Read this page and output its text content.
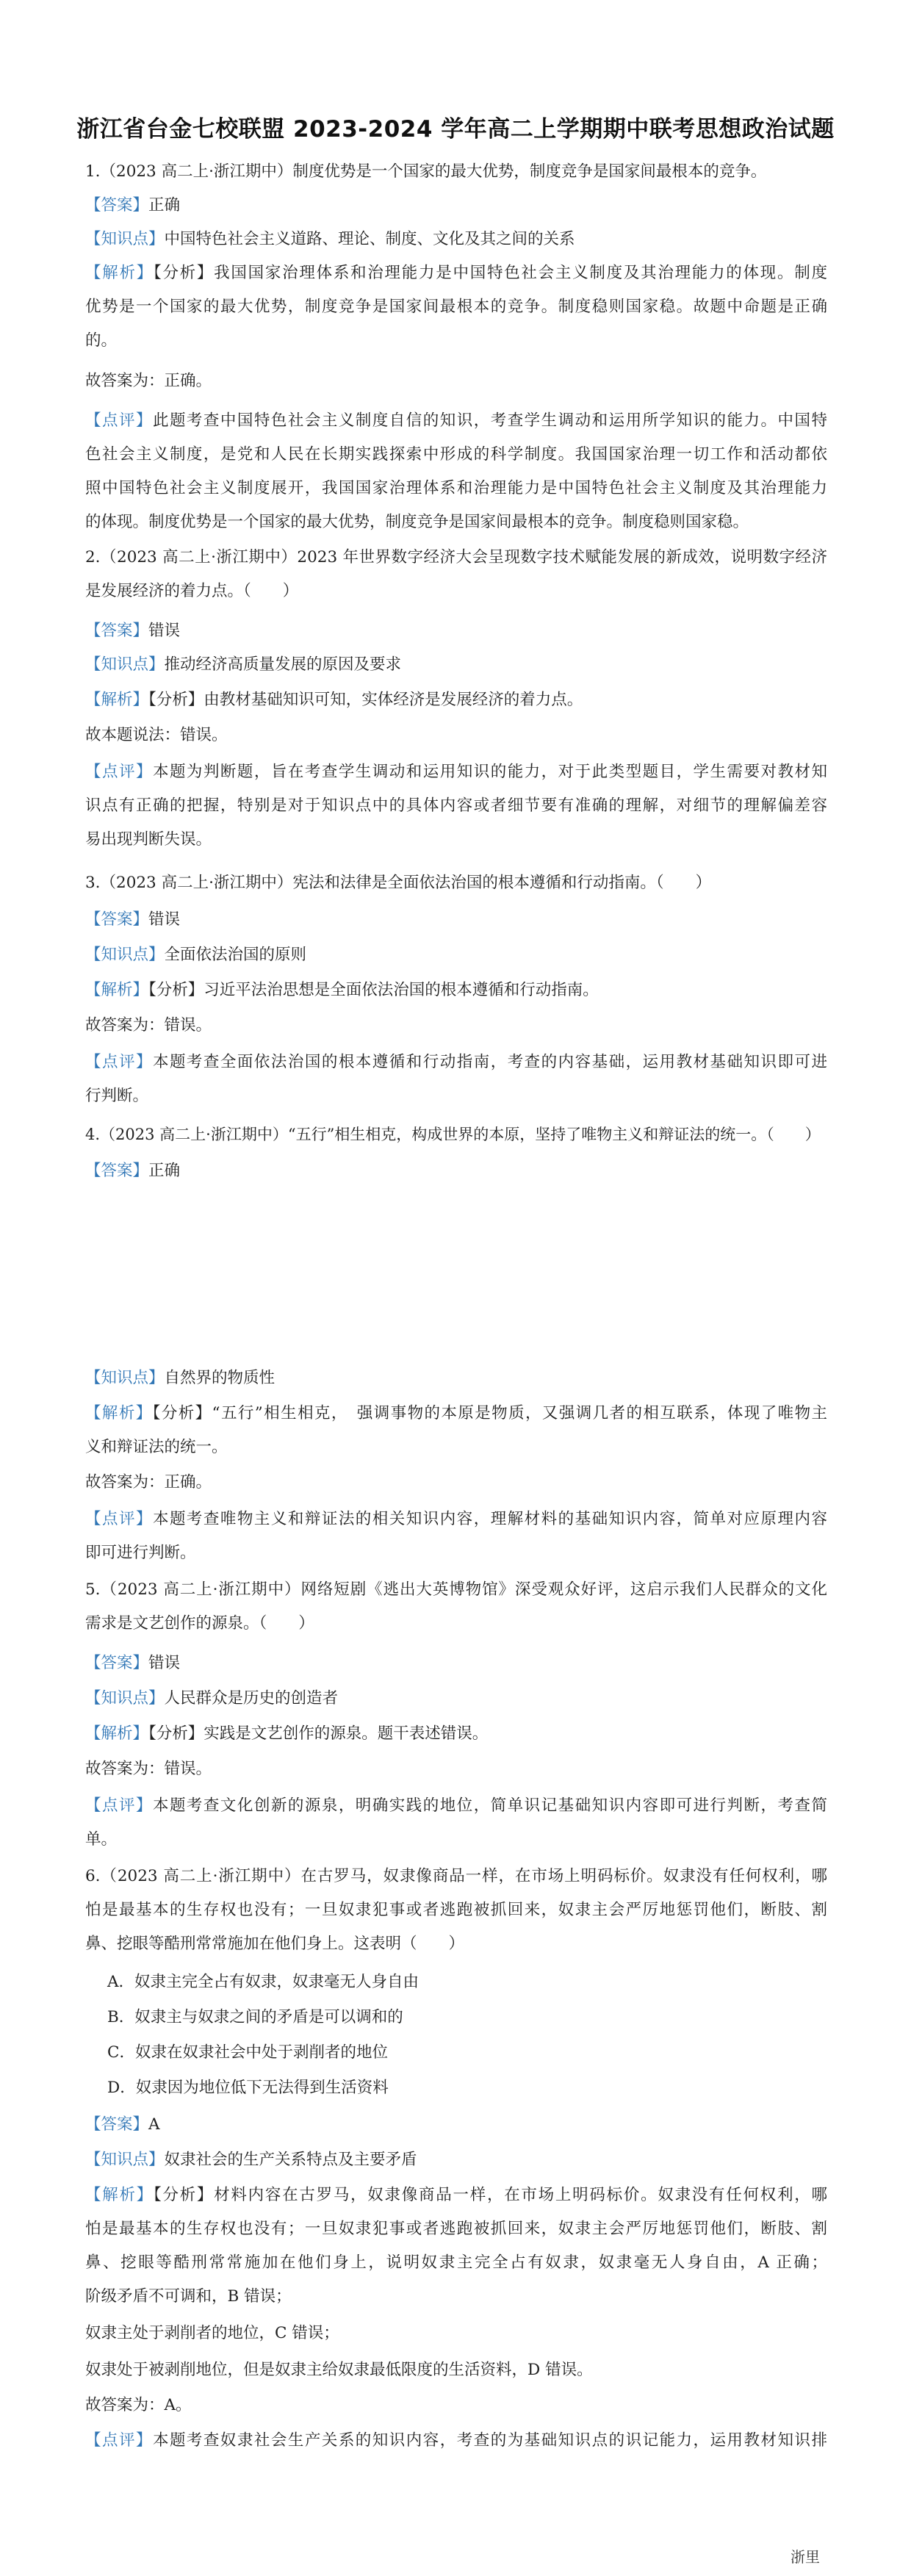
浙江省台金七校联盟 2023-2024 学年高二上学期期中联考思想政治试题
1.（2023 高二上·浙江期中）制度优势是一个国家的最大优势，制度竞争是国家间最根本的竞争。
【答案】正确
【知识点】中国特色社会主义道路、理论、制度、文化及其之间的关系
【解析】【分析】我国国家治理体系和治理能力是中国特色社会主义制度及其治理能力的体现。制度
优势是一个国家的最大优势，制度竞争是国家间最根本的竞争。制度稳则国家稳。故题中命题是正确
的。
故答案为：正确。
【点评】此题考查中国特色社会主义制度自信的知识，考查学生调动和运用所学知识的能力。中国特
色社会主义制度，是党和人民在长期实践探索中形成的科学制度。我国国家治理一切工作和活动都依
照中国特色社会主义制度展开，我国国家治理体系和治理能力是中国特色社会主义制度及其治理能力
的体现。制度优势是一个国家的最大优势，制度竞争是国家间最根本的竞争。制度稳则国家稳。
2.（2023 高二上·浙江期中）2023 年世界数字经济大会呈现数字技术赋能发展的新成效，说明数字经济
是发展经济的着力点。（　　）
【答案】错误
【知识点】推动经济高质量发展的原因及要求
【解析】【分析】由教材基础知识可知，实体经济是发展经济的着力点。
故本题说法：错误。
【点评】本题为判断题，旨在考查学生调动和运用知识的能力，对于此类型题目，学生需要对教材知
识点有正确的把握，特别是对于知识点中的具体内容或者细节要有准确的理解，对细节的理解偏差容
易出现判断失误。
3.（2023 高二上·浙江期中）宪法和法律是全面依法治国的根本遵循和行动指南。（　　）
【答案】错误
【知识点】全面依法治国的原则
【解析】【分析】习近平法治思想是全面依法治国的根本遵循和行动指南。
故答案为：错误。
【点评】本题考查全面依法治国的根本遵循和行动指南，考查的内容基础，运用教材基础知识即可进
行判断。
4.（2023 高二上·浙江期中）“五行”相生相克，构成世界的本原，坚持了唯物主义和辩证法的统一。（　　）
【答案】正确
【知识点】自然界的物质性
【解析】【分析】“五行”相生相克，　强调事物的本原是物质，又强调几者的相互联系，体现了唯物主
义和辩证法的统一。
故答案为：正确。
【点评】本题考查唯物主义和辩证法的相关知识内容，理解材料的基础知识内容，简单对应原理内容
即可进行判断。
5.（2023 高二上·浙江期中）网络短剧《逃出大英博物馆》深受观众好评，这启示我们人民群众的文化
需求是文艺创作的源泉。（　　）
【答案】错误
【知识点】人民群众是历史的创造者
【解析】【分析】实践是文艺创作的源泉。题干表述错误。
故答案为：错误。
【点评】本题考查文化创新的源泉，明确实践的地位，简单识记基础知识内容即可进行判断，考查简
单。
6.（2023 高二上·浙江期中）在古罗马，奴隶像商品一样，在市场上明码标价。奴隶没有任何权利，哪
怕是最基本的生存权也没有；一旦奴隶犯事或者逃跑被抓回来，奴隶主会严厉地惩罚他们，断肢、割
鼻、挖眼等酷刑常常施加在他们身上。这表明（　　）
A．奴隶主完全占有奴隶，奴隶毫无人身自由
B．奴隶主与奴隶之间的矛盾是可以调和的
C．奴隶在奴隶社会中处于剥削者的地位
D．奴隶因为地位低下无法得到生活资料
【答案】A
【知识点】奴隶社会的生产关系特点及主要矛盾
【解析】【分析】材料内容在古罗马，奴隶像商品一样，在市场上明码标价。奴隶没有任何权利，哪
怕是最基本的生存权也没有；一旦奴隶犯事或者逃跑被抓回来，奴隶主会严厉地惩罚他们，断肢、割
鼻、挖眼等酷刑常常施加在他们身上，说明奴隶主完全占有奴隶，奴隶毫无人身自由，A 正确；
阶级矛盾不可调和，B 错误；
奴隶主处于剥削者的地位，C 错误；
奴隶处于被剥削地位，但是奴隶主给奴隶最低限度的生活资料，D 错误。
故答案为：A。
【点评】本题考查奴隶社会生产关系的知识内容，考查的为基础知识点的识记能力，运用教材知识排
浙里
